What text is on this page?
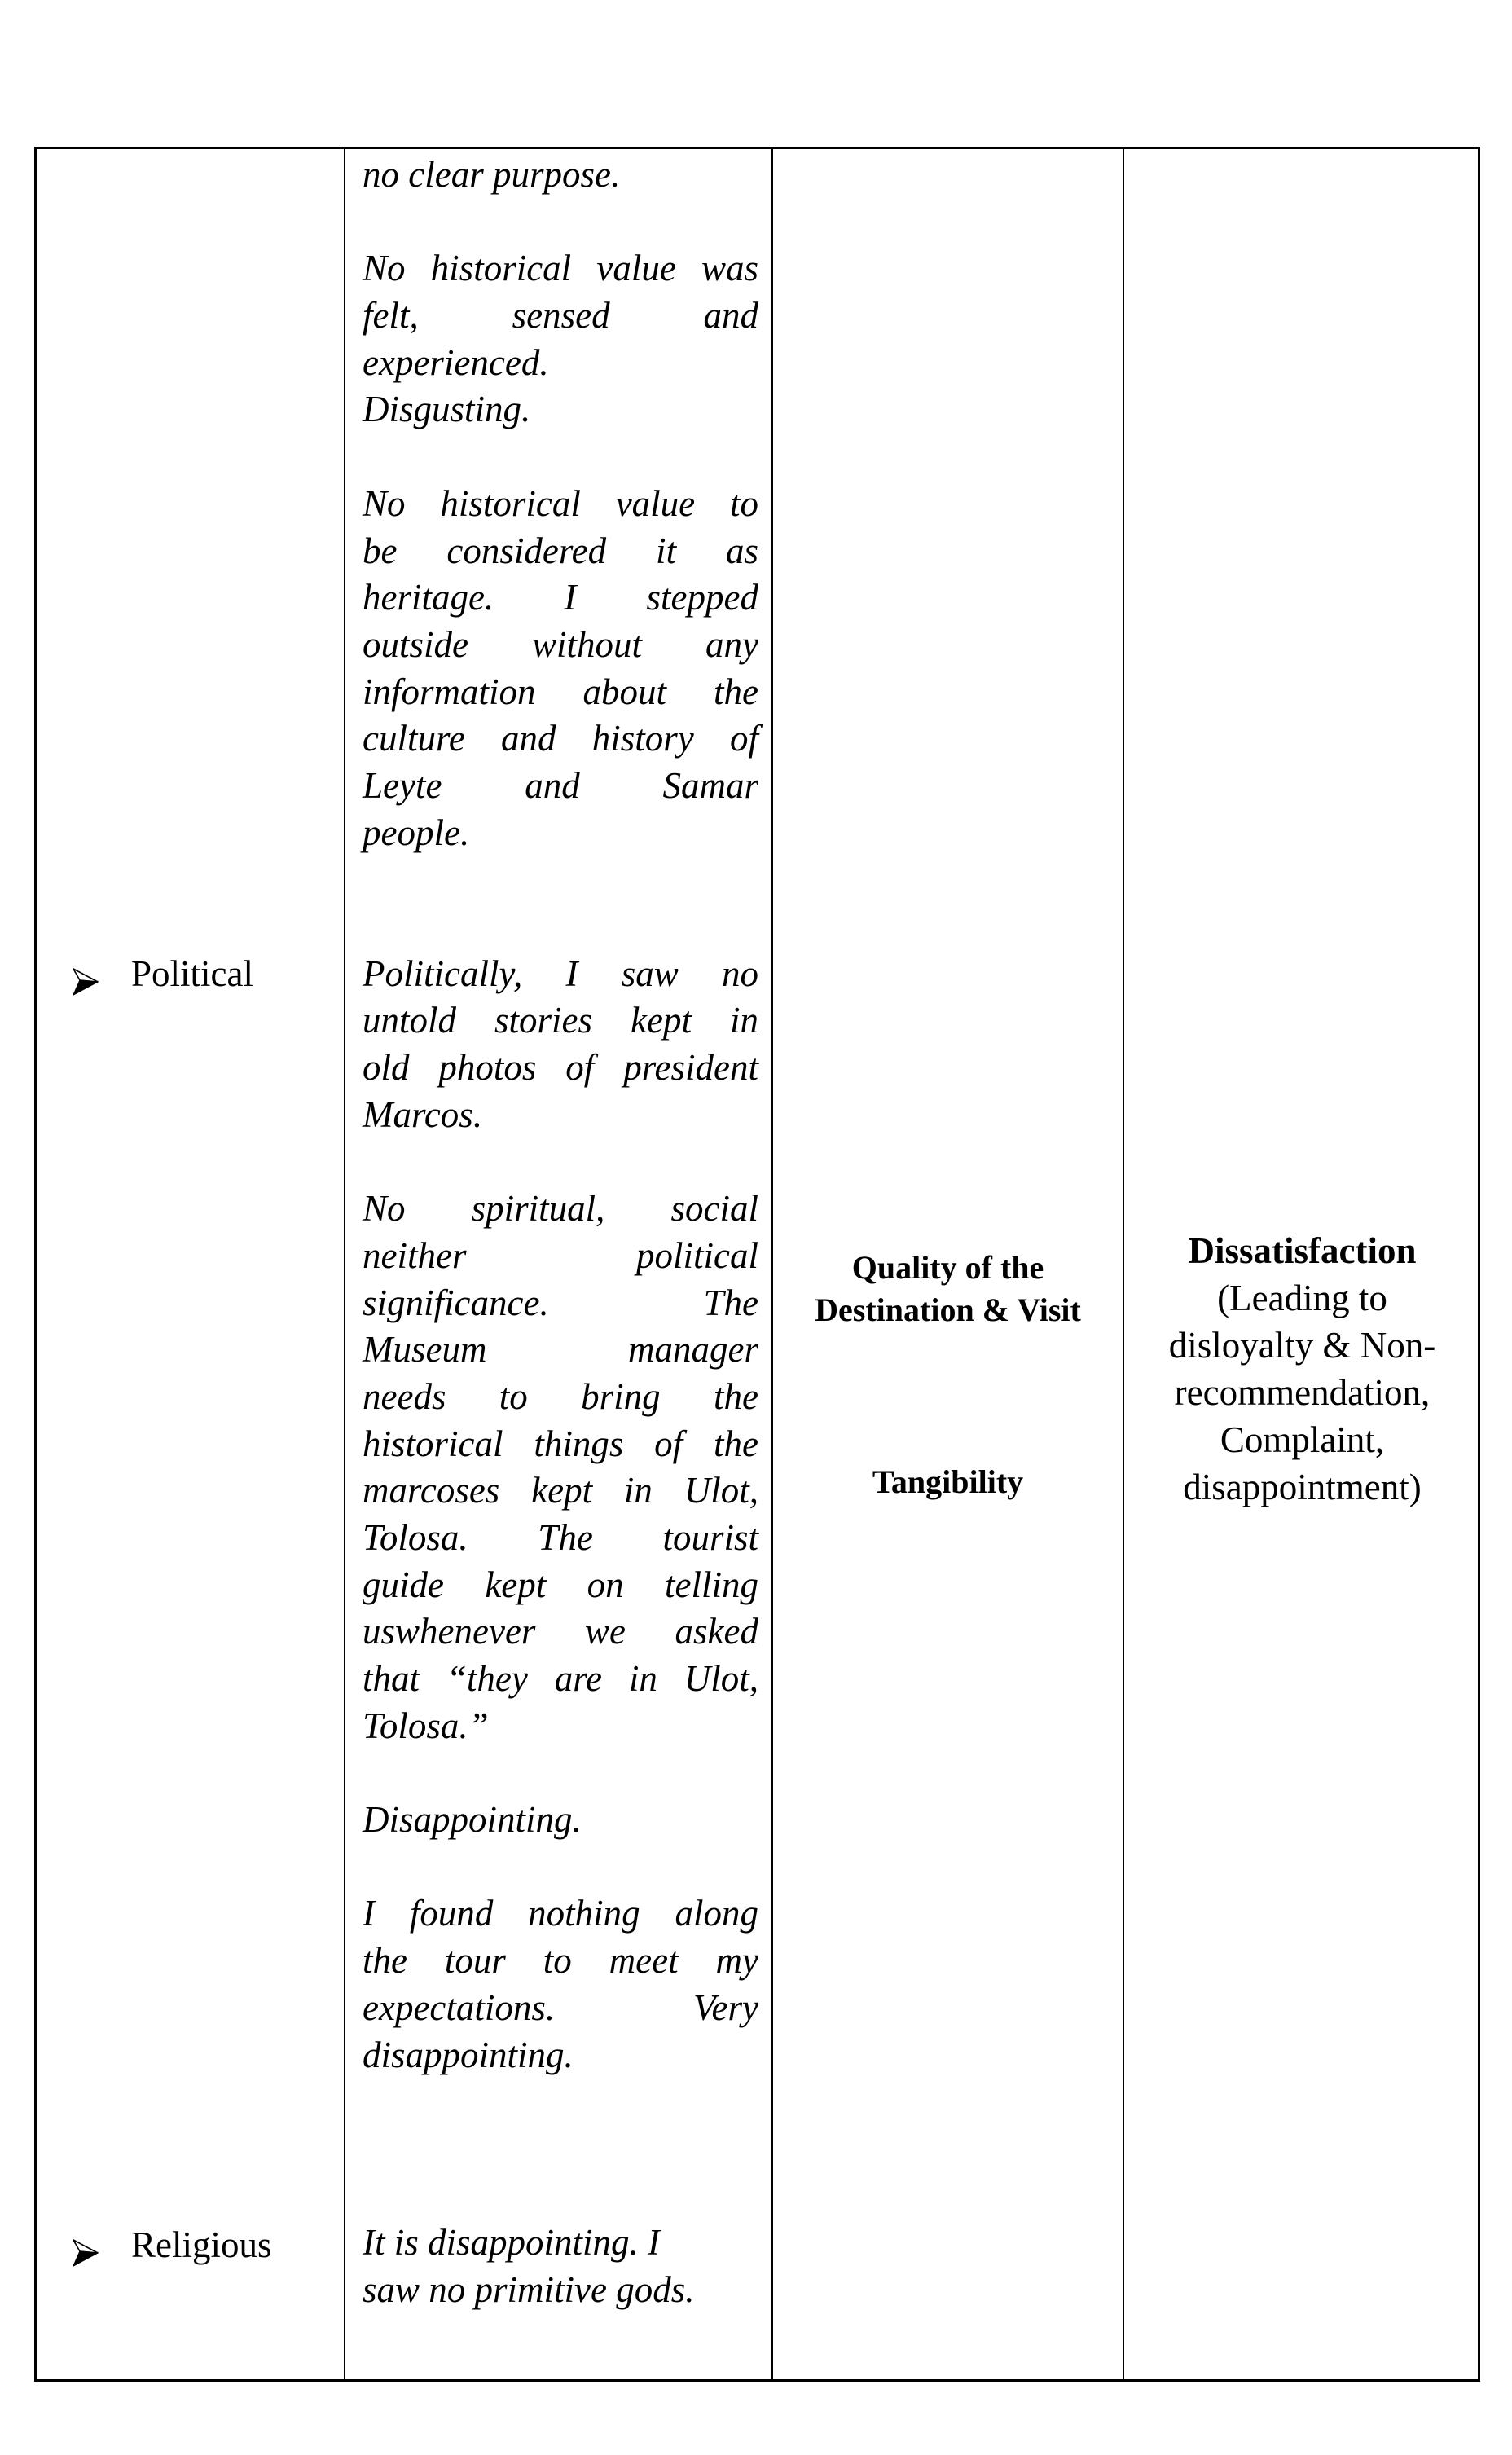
Political
Religious
no clear purpose.
No historical value was
felt, sensed and
experienced.
Disgusting.
No historical value to
be considered it as
heritage. I stepped
outside without any
information about the
culture and history of
Leyte and Samar
people.
Politically, I saw no
untold stories kept in
old photos of president
Marcos.
No spiritual, social
neither political
significance. The
Museum manager
needs to bring the
historical things of the
marcoses kept in Ulot,
Tolosa. The tourist
guide kept on telling
uswhenever we asked
that “they are in Ulot,
Tolosa.”
Disappointing.
I found nothing along
the tour to meet my
expectations. Very
disappointing.
It is disappointing. I
saw no primitive gods.
Quality of the
Destination & Visit
Tangibility
Dissatisfaction
(Leading to
disloyalty & Non-
recommendation,
Complaint,
disappointment)
